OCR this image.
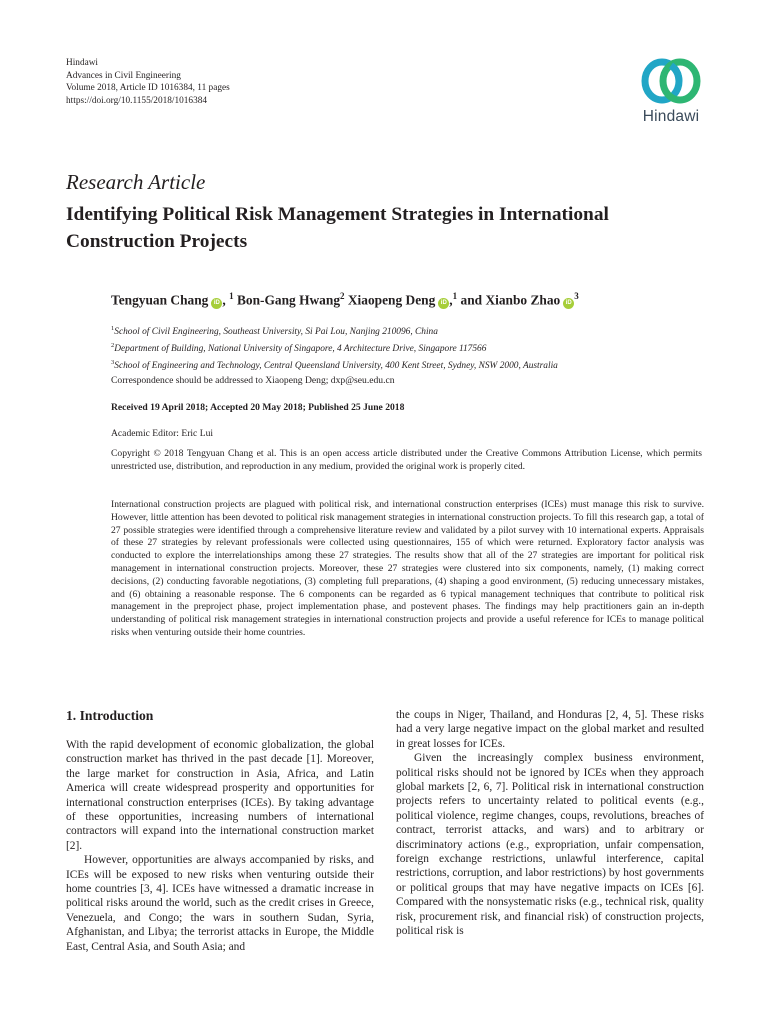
Hindawi
Advances in Civil Engineering
Volume 2018, Article ID 1016384, 11 pages
https://doi.org/10.1155/2018/1016384
Hindawi
Research Article
Identifying Political Risk Management Strategies in International Construction Projects
Tengyuan Chang iD , $^1$ Bon-Gang Hwang$^2$ Xiaopeng Deng iD ,$^1$ and Xianbo Zhao $iD^3$
$^1$School of Civil Engineering, Southeast University, Si Pai Lou, Nanjing 210096, China
$^2$Department of Building, National University of Singapore, 4 Architecture Drive, Singapore 117566
$^3$School of Engineering and Technology, Central Queensland University, 400 Kent Street, Sydney, NSW 2000, Australia
Correspondence should be addressed to Xiaopeng Deng; dxp@seu.edu.cn
Received 19 April 2018; Accepted 20 May 2018; Published 25 June 2018
Academic Editor: Eric Lui

Copyright © 2018 Tengyuan Chang et al. This is an open access article distributed under the Creative Commons Attribution License, which permits unrestricted use, distribution, and reproduction in any medium, provided the original work is properly cited.

International construction projects are plagued with political risk, and international construction enterprises (ICEs) must manage this risk to survive. However, little attention has been devoted to political risk management strategies in international construction projects. To fill this research gap, a total of 27 possible strategies were identified through a comprehensive literature review and validated by a pilot survey with 10 international experts. Appraisals of these 27 strategies by relevant professionals were collected using questionnaires, 155 of which were returned. Exploratory factor analysis was conducted to explore the interrelationships among these 27 strategies. The results show that all of the 27 strategies are important for political risk management in international construction projects. Moreover, these 27 strategies were clustered into six components, namely, (1) making correct decisions, (2) conducting favorable negotiations, (3) completing full preparations, (4) shaping a good environment, (5) reducing unnecessary mistakes, and (6) obtaining a reasonable response. The 6 components can be regarded as 6 typical management techniques that contribute to political risk management in the preproject phase, project implementation phase, and postevent phases. The findings may help practitioners gain an in-depth understanding of political risk management strategies in international construction projects and provide a useful reference for ICEs to manage political risks when venturing outside their home countries.

1. Introduction

With the rapid development of economic globalization, the global construction market has thrived in the past decade [1]. Moreover, the large market for construction in Asia, Africa, and Latin America will create widespread prosperity and opportunities for international construction enterprises (ICEs). By taking advantage of these opportunities, increasing numbers of international contractors will expand into the international construction market [2].

However, opportunities are always accompanied by risks, and ICEs will be exposed to new risks when venturing outside their home countries [3, 4]. ICEs have witnessed a dramatic increase in political risks around the world, such as the credit crises in Greece, Venezuela, and Congo; the wars in southern Sudan, Syria, Afghanistan, and Libya; the terrorist attacks in Europe, the Middle East, Central Asia, and South Asia; and

the coups in Niger, Thailand, and Honduras [2, 4, 5]. These risks had a very large negative impact on the global market and resulted in great losses for ICEs.

Given the increasingly complex business environment, political risks should not be ignored by ICEs when they approach global markets [2, 6, 7]. Political risk in international construction projects refers to uncertainty related to political events (e.g., political violence, regime changes, coups, revolutions, breaches of contract, terrorist attacks, and wars) and to arbitrary or discriminatory actions (e.g., expropriation, unfair compensation, foreign exchange restrictions, unlawful interference, capital restrictions, corruption, and labor restrictions) by host governments or political groups that may have negative impacts on ICEs [6]. Compared with the nonsystematic risks (e.g., technical risk, quality risk, procurement risk, and financial risk) of construction projects, political risk is
